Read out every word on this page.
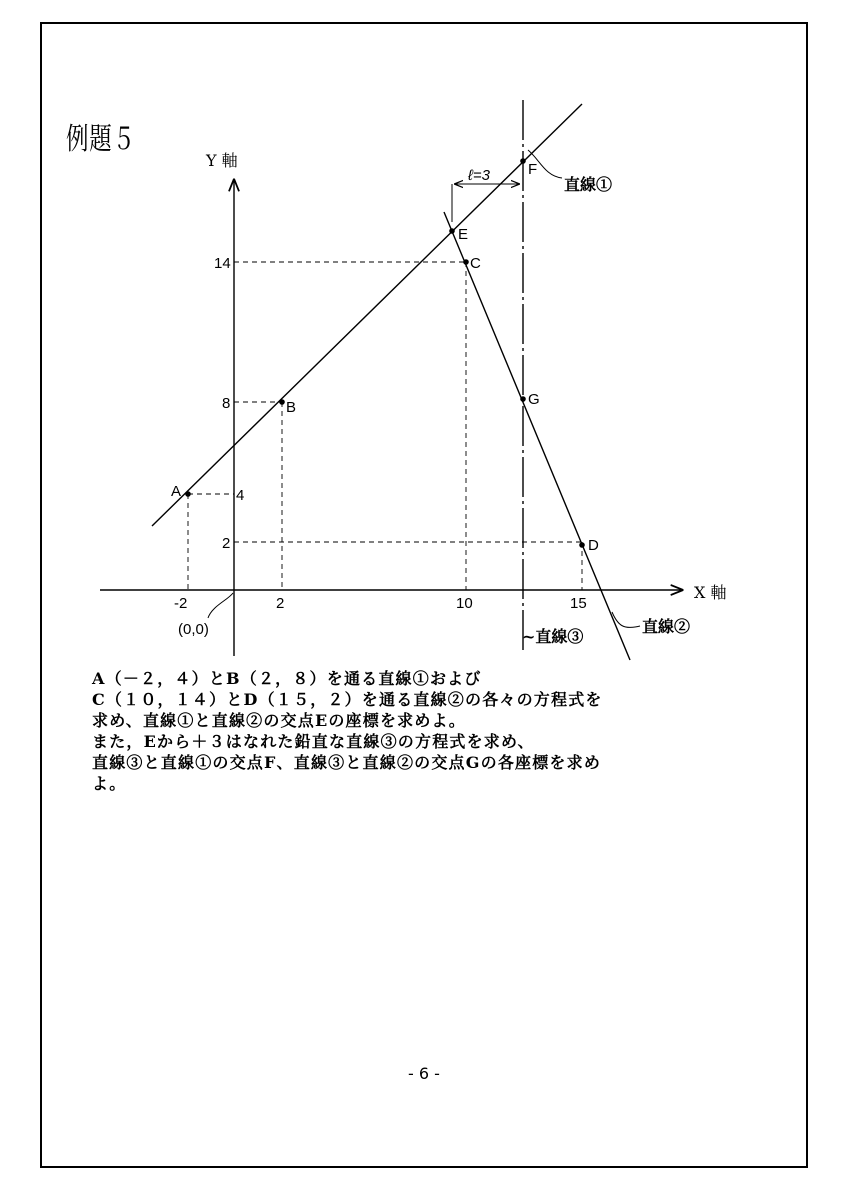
例題５
ℓ=3
A
B
C
D
E
F
G
-2	2	10	15
14
8
4
2
Y 軸
X 軸
(0,0)
直線①
直線②
~直線③

A（－２，４）とB（２，８）を通る直線①および

C（１０，１４）とD（１５，２）を通る直線②の各々の方程式を

求め、直線①と直線②の交点Eの座標を求めよ。

また，Eから＋３はなれた鉛直な直線③の方程式を求め、

直線③と直線①の交点F、直線③と直線②の交点Gの各座標を求め

よ。

- 6 -
